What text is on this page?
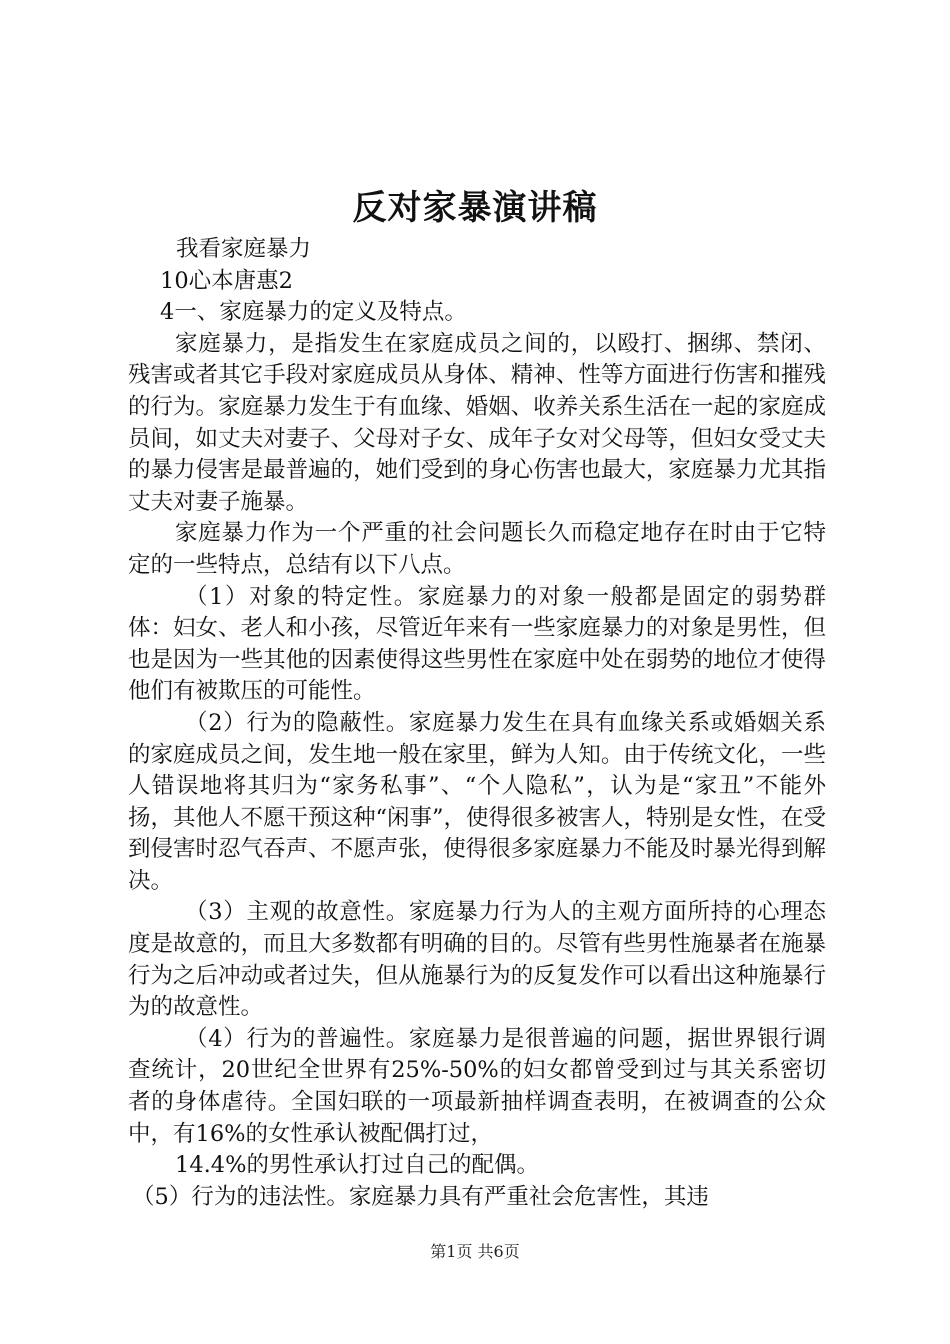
反对家暴演讲稿

我看家庭暴力

10心本唐惠2

4一、家庭暴力的定义及特点。

家庭暴力，是指发生在家庭成员之间的，以殴打、捆绑、禁闭、残害或者其它手段对家庭成员从身体、精神、性等方面进行伤害和摧残的行为。家庭暴力发生于有血缘、婚姻、收养关系生活在一起的家庭成员间，如丈夫对妻子、父母对子女、成年子女对父母等，但妇女受丈夫的暴力侵害是最普遍的，她们受到的身心伤害也最大，家庭暴力尤其指丈夫对妻子施暴。

家庭暴力作为一个严重的社会问题长久而稳定地存在时由于它特定的一些特点，总结有以下八点。

（1）对象的特定性。家庭暴力的对象一般都是固定的弱势群体：妇女、老人和小孩，尽管近年来有一些家庭暴力的对象是男性，但也是因为一些其他的因素使得这些男性在家庭中处在弱势的地位才使得他们有被欺压的可能性。

（2）行为的隐蔽性。家庭暴力发生在具有血缘关系或婚姻关系的家庭成员之间，发生地一般在家里，鲜为人知。由于传统文化，一些人错误地将其归为“家务私事”、“个人隐私”，认为是“家丑”不能外扬，其他人不愿干预这种“闲事”，使得很多被害人，特别是女性，在受到侵害时忍气吞声、不愿声张，使得很多家庭暴力不能及时暴光得到解决。

（3）主观的故意性。家庭暴力行为人的主观方面所持的心理态度是故意的，而且大多数都有明确的目的。尽管有些男性施暴者在施暴行为之后冲动或者过失，但从施暴行为的反复发作可以看出这种施暴行为的故意性。

（4）行为的普遍性。家庭暴力是很普遍的问题，据世界银行调查统计，20世纪全世界有25%-50%的妇女都曾受到过与其关系密切者的身体虐待。全国妇联的一项最新抽样调查表明，在被调查的公众中，有16%的女性承认被配偶打过，

14.4%的男性承认打过自己的配偶。

（5）行为的违法性。家庭暴力具有严重社会危害性，其违

第1页 共6页
